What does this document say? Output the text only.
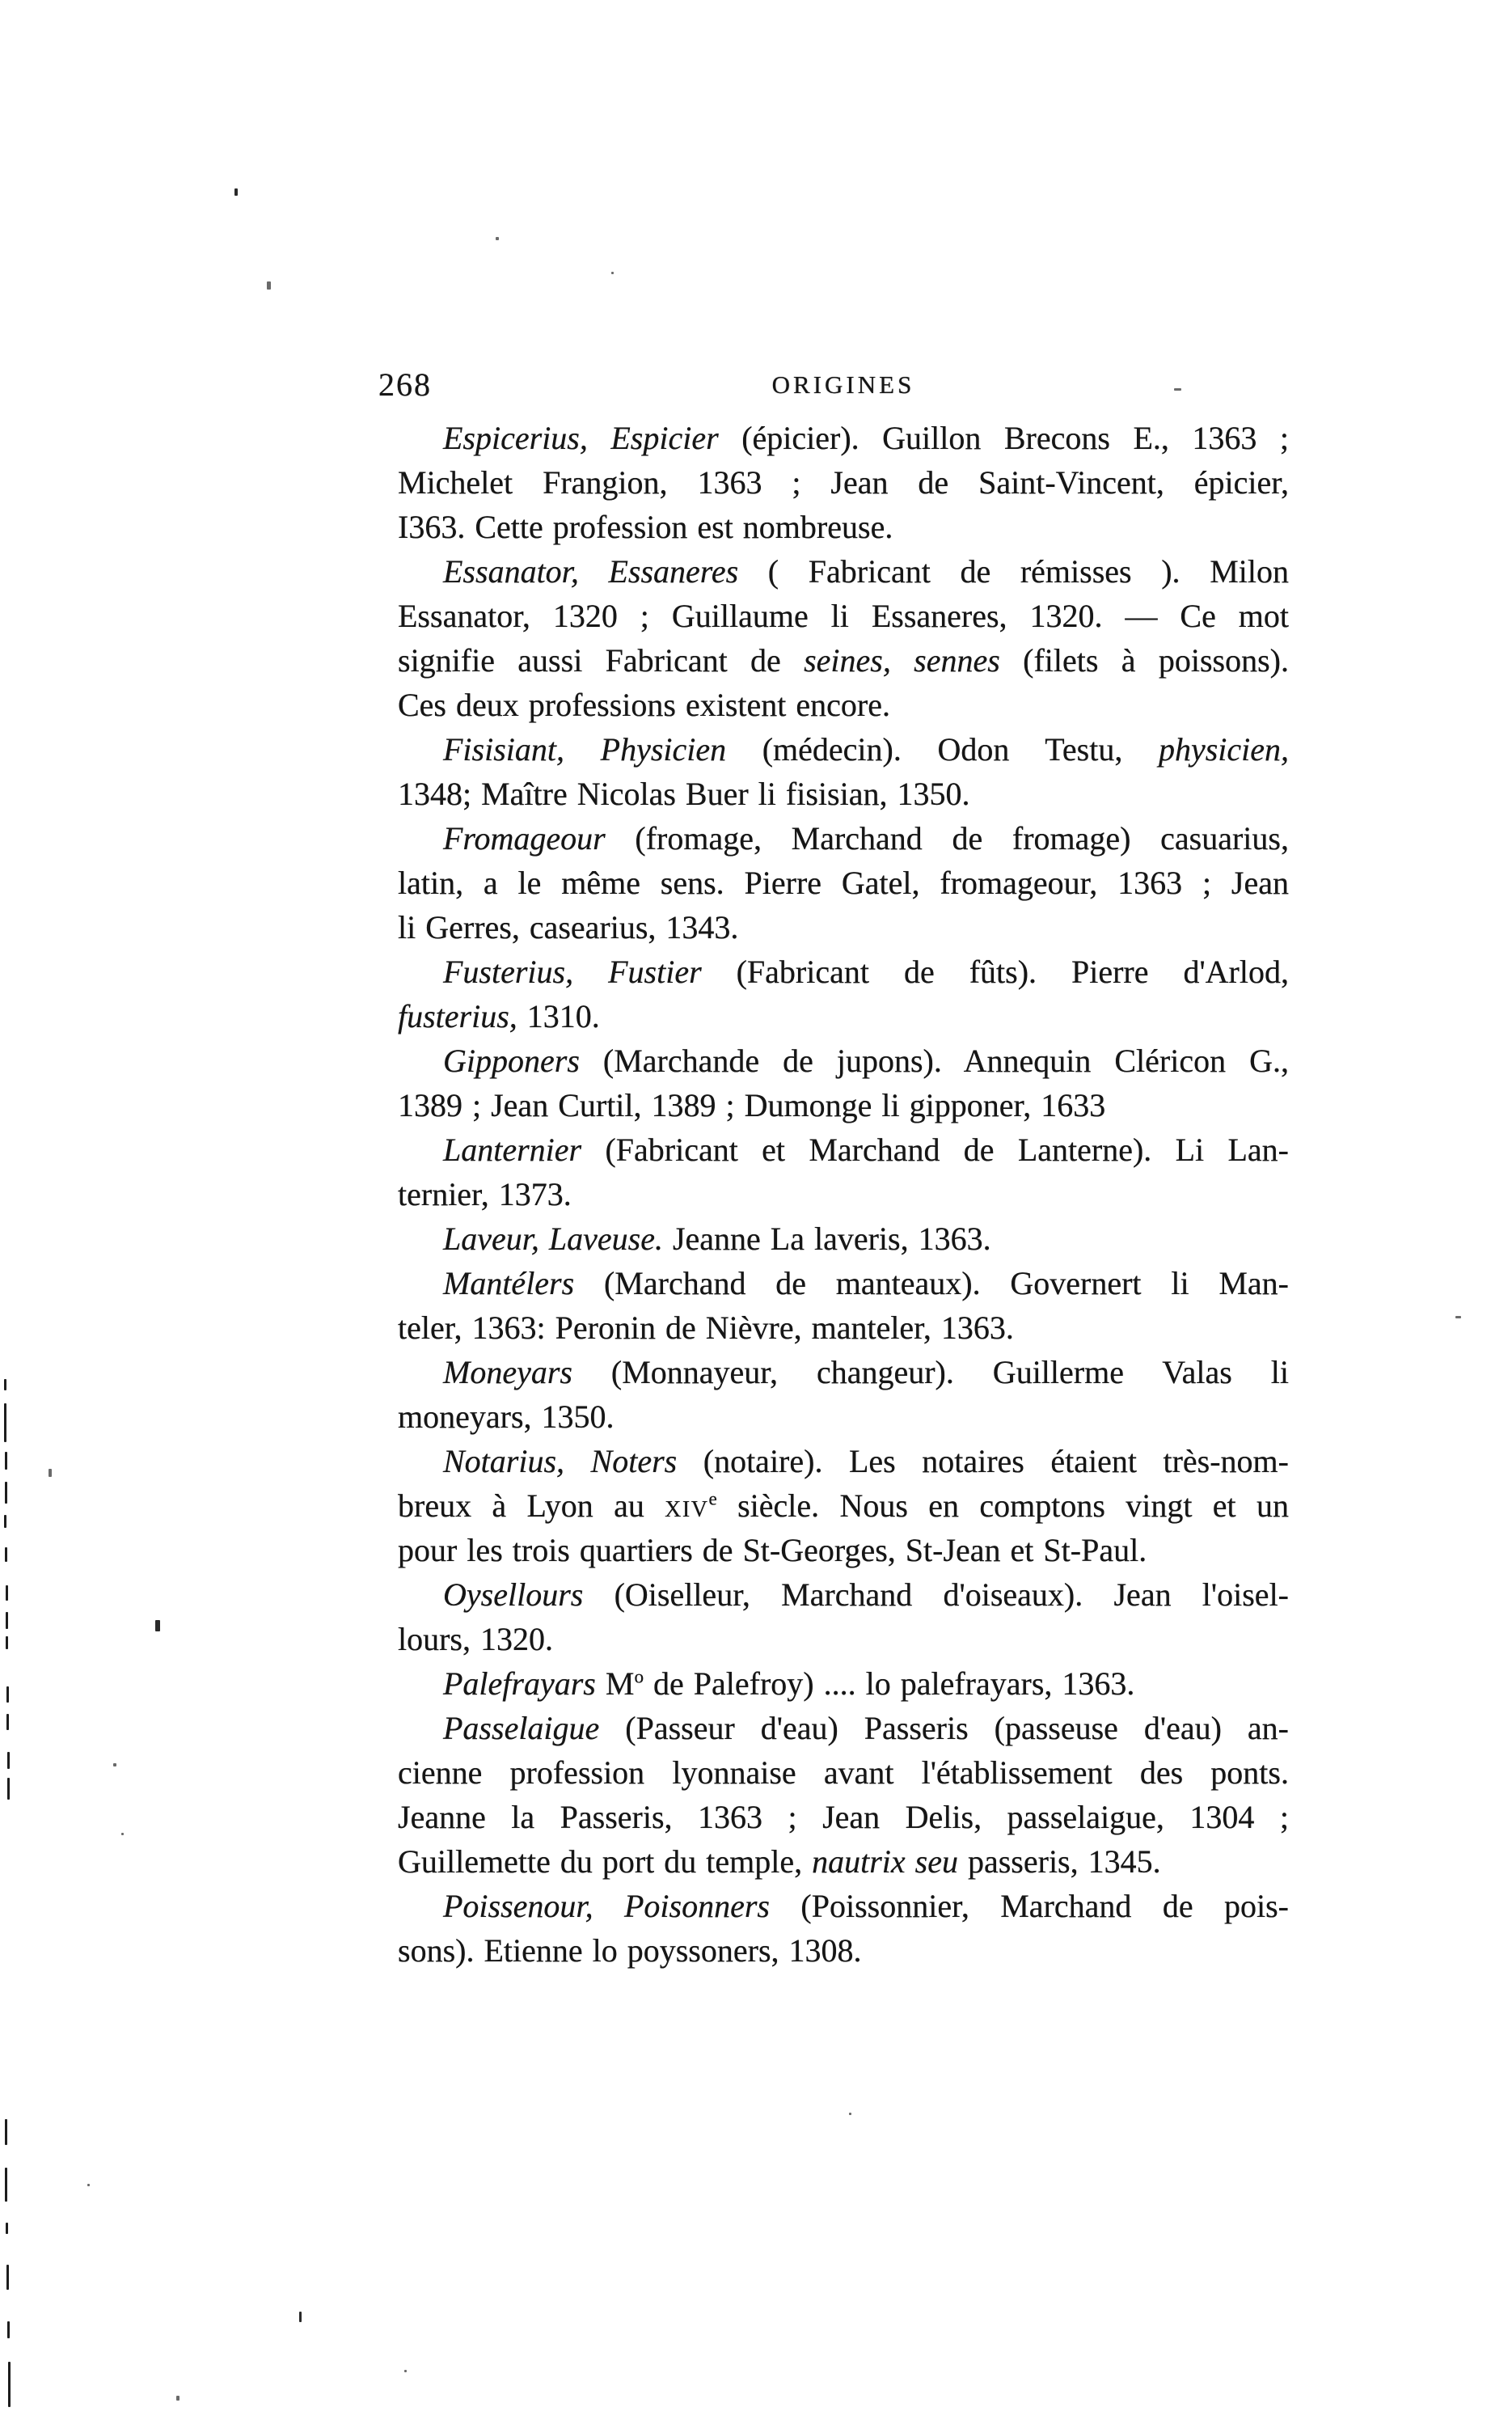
268	ORIGINES
Espicerius, Espicier (épicier). Guillon Brecons E., 1363 ;
Michelet Frangion, 1363 ; Jean de Saint-Vincent, épicier,
I363. Cette profession est nombreuse.
Essanator, Essaneres ( Fabricant de rémisses ). Milon
Essanator, 1320 ; Guillaume li Essaneres, 1320. — Ce mot
signifie aussi Fabricant de seines, sennes (filets à poissons).
Ces deux professions existent encore.
Fisisiant, Physicien (médecin). Odon Testu, physicien,
1348; Maître Nicolas Buer li fisisian, 1350.
Fromageour (fromage, Marchand de fromage) casuarius,
latin, a le même sens. Pierre Gatel, fromageour, 1363 ; Jean
li Gerres, casearius, 1343.
Fusterius, Fustier (Fabricant de fûts). Pierre d'Arlod,
fusterius, 1310.
Gipponers (Marchande de jupons). Annequin Cléricon G.,
1389 ; Jean Curtil, 1389 ; Dumonge li gipponer, 1633
Lanternier (Fabricant et Marchand de Lanterne). Li Lan-
ternier, 1373.
Laveur, Laveuse. Jeanne La laveris, 1363.
Mantélers (Marchand de manteaux). Governert li Man-
teler, 1363: Peronin de Nièvre, manteler, 1363.
Moneyars (Monnayeur, changeur). Guillerme Valas li
moneyars, 1350.
Notarius, Noters (notaire). Les notaires étaient très-nom-
breux à Lyon au xiv$^e$ siècle. Nous en comptons vingt et un
pour les trois quartiers de St-Georges, St-Jean et St-Paul.
Oysellours (Oiselleur, Marchand d'oiseaux). Jean l'oisel-
lours, 1320.
Palefrayars $M^o$ de Palefroy) .... lo palefrayars, 1363.
Passelaigue (Passeur d'eau) Passeris (passeuse d'eau) an-
cienne profession lyonnaise avant l'établissement des ponts.
Jeanne la Passeris, 1363 ; Jean Delis, passelaigue, 1304 ;
Guillemette du port du temple, nautrix seu passeris, 1345.
Poissenour, Poisonners (Poissonnier, Marchand de pois-
sons). Etienne lo poyssoners, 1308.
